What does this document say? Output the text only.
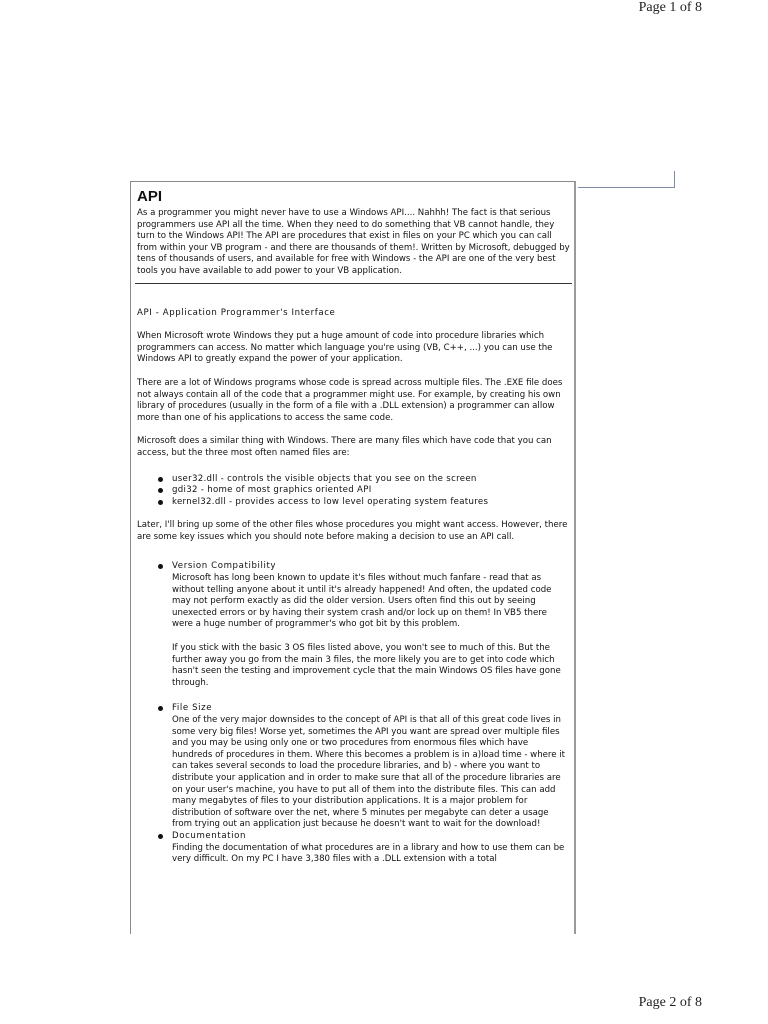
Page 1 of 8
API

As a programmer you might never have to use a Windows API.... Nahhh! The fact is that serious programmers use API all the time. When they need to do something that VB cannot handle, they turn to the Windows API! The API are procedures that exist in files on your PC which you can call from within your VB program - and there are thousands of them!. Written by Microsoft, debugged by tens of thousands of users, and available for free with Windows - the API are one of the very best tools you have available to add power to your VB application.

API - Application Programmer's Interface

When Microsoft wrote Windows they put a huge amount of code into procedure libraries which programmers can access. No matter which language you're using (VB, C++, ...) you can use the Windows API to greatly expand the power of your application.

There are a lot of Windows programs whose code is spread across multiple files. The .EXE file does not always contain all of the code that a programmer might use. For example, by creating his own library of procedures (usually in the form of a file with a .DLL extension) a programmer can allow more than one of his applications to access the same code.

Microsoft does a similar thing with Windows. There are many files which have code that you can access, but the three most often named files are:

user32.dll - controls the visible objects that you see on the screen
gdi32 - home of most graphics oriented API
kernel32.dll - provides access to low level operating system features

Later, I'll bring up some of the other files whose procedures you might want access. However, there are some key issues which you should note before making a decision to use an API call.

Version Compatibility
Microsoft has long been known to update it's files without much fanfare - read that as without telling anyone about it until it's already happened! And often, the updated code may not perform exactly as did the older version. Users often find this out by seeing unexected errors or by having their system crash and/or lock up on them! In VB5 there were a huge number of programmer's who got bit by this problem.
If you stick with the basic 3 OS files listed above, you won't see to much of this. But the further away you go from the main 3 files, the more likely you are to get into code which hasn't seen the testing and improvement cycle that the main Windows OS files have gone through.
File Size
One of the very major downsides to the concept of API is that all of this great code lives in some very big files! Worse yet, sometimes the API you want are spread over multiple files and you may be using only one or two procedures from enormous files which have hundreds of procedures in them. Where this becomes a problem is in a)load time - where it can takes several seconds to load the procedure libraries, and b) - where you want to distribute your application and in order to make sure that all of the procedure libraries are on your user's machine, you have to put all of them into the distribute files. This can add many megabytes of files to your distribution applications. It is a major problem for distribution of software over the net, where 5 minutes per megabyte can deter a usage from trying out an application just because he doesn't want to wait for the download!
Documentation
Finding the documentation of what procedures are in a library and how to use them can be very difficult. On my PC I have 3,380 files with a .DLL extension with a total
Page 2 of 8
